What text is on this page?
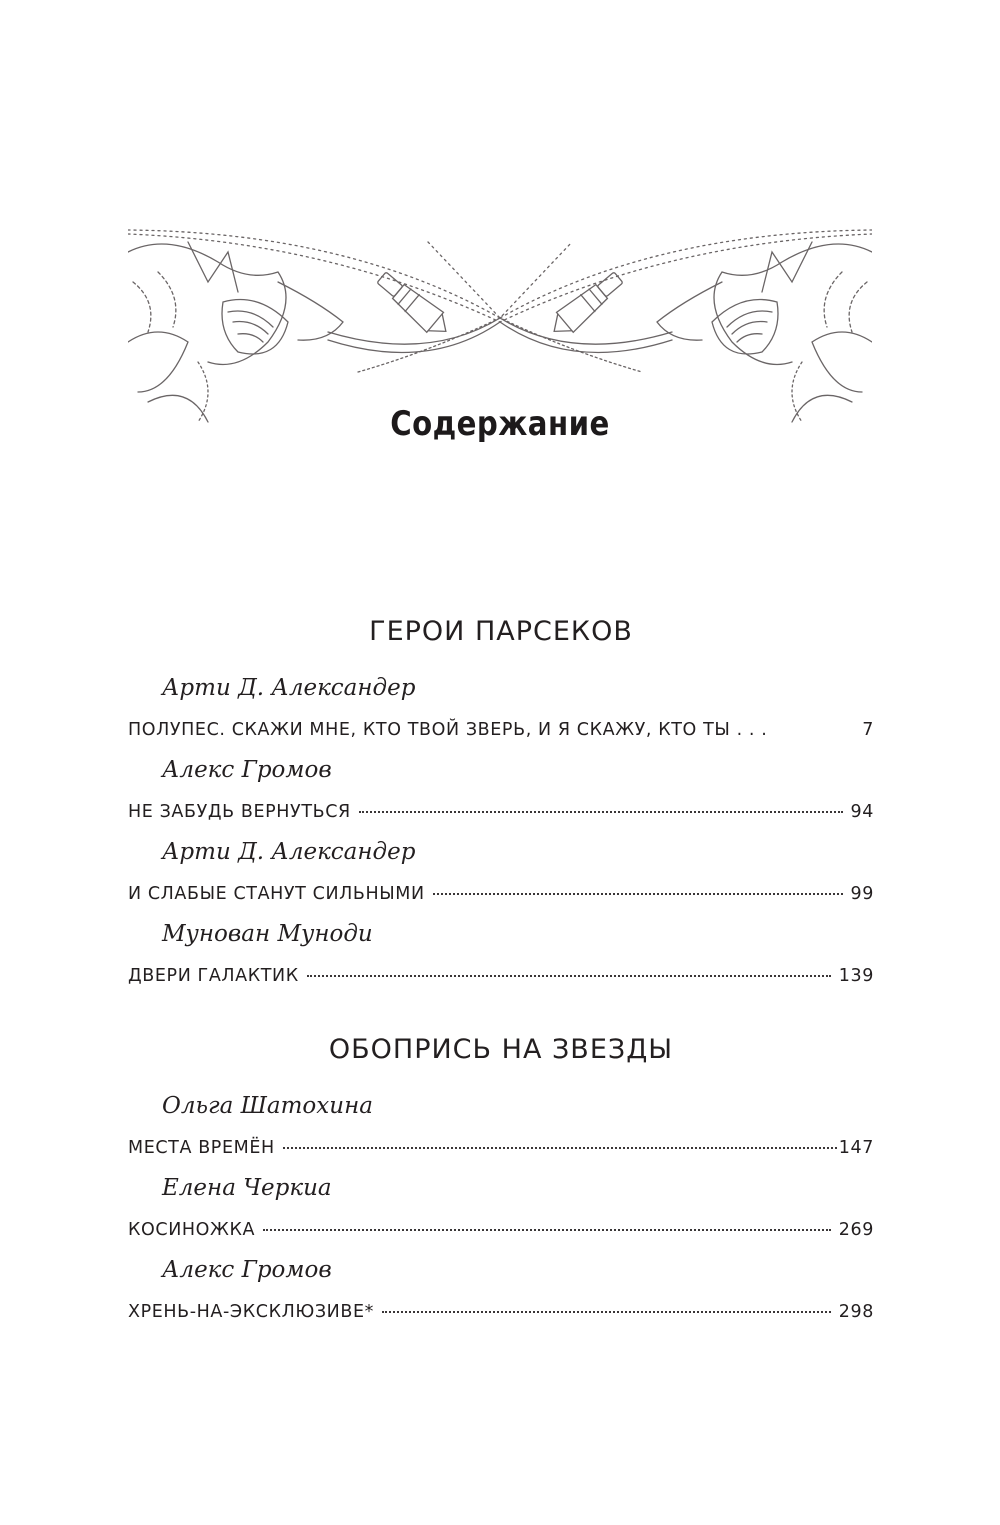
Содержание
ГЕРОИ ПАРСЕКОВ
Арти Д. Александер
ПОЛУПЕС. СКАЖИ МНЕ, КТО ТВОЙ ЗВЕРЬ, И Я СКАЖУ, КТО ТЫ . . .	7
Алекс Громов
НЕ ЗАБУДЬ ВЕРНУТЬСЯ	94
Арти Д. Александер
И СЛАБЫЕ СТАНУТ СИЛЬНЫМИ	99
Мунован Мунoди
ДВЕРИ ГАЛАКТИК	139
ОБОПРИСЬ НА ЗВЕЗДЫ
Ольга Шатохина
МЕСТА ВРЕМЁН	147
Елена Черкиа
КОСИНОЖКА	269
Алекс Громов
ХРЕНЬ-НА-ЭКСКЛЮЗИВЕ*	298
